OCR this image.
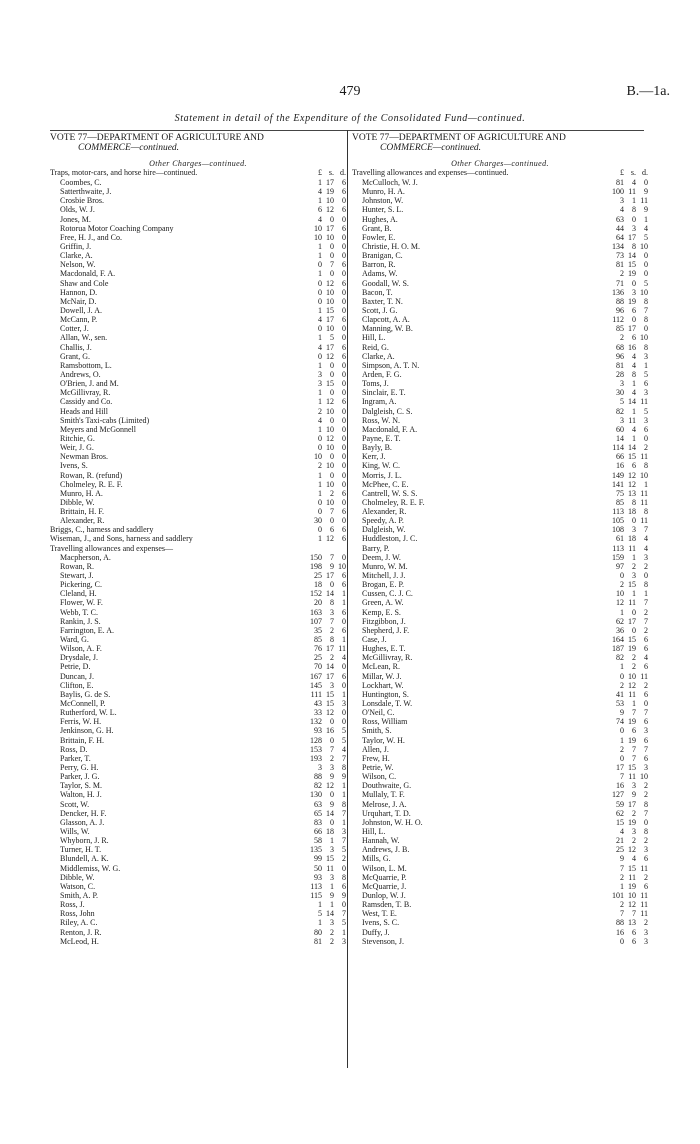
479	B.—1a.
Statement in detail of the Expenditure of the Consolidated Fund—continued.
VOTE 77—DEPARTMENT OF AGRICULTURE AND
COMMERCE—continued.
Other Charges—continued.
Traps, motor-cars, and horse hire—continued.	£ s. d.
Coombes, C.	1 17	6
Satterthwaite, J.	4 19	6
Crosbie Bros.	1 10	0
Olds, W. J.	6 12	6
Jones, M.	4	0	0
Rotorua Motor Coaching Company	10 17	6
Free, H. J., and Co.	10 10	0
Griffin, J.	1	0	0
Clarke, A.	1	0	0
Nelson, W.	0	7	6
Macdonald, F. A.	1	0	0
Shaw and Cole	0 12	6
Hannon, D.	0 10	0
McNair, D.	0 10	0
Dowell, J. A.	1 15	0
McCann, P.	4 17	6
Cotter, J.	0 10	0
Allan, W., sen.	1	5	0
Challis, J.	4 17	6
Grant, G.	0 12	6
Ramsbottom, L.	1	0	0
Andrews, O.	3	0	0
O'Brien, J. and M.	3 15	0
McGillivray, R.	1	0	0
Cassidy and Co.	1 12	6
Heads and Hill	2 10	0
Smith's Taxi-cabs (Limited)	4	0	0
Meyers and McGonnell	1 10	0
Ritchie, G.	0 12	0
Weir, J. G.	0 10	0
Newman Bros.	10	0	0
Ivens, S.	2 10	0
Rowan, R. (refund)	1	0	0
Cholmeley, R. E. F.	1 10	0
Munro, H. A.	1	2	6
Dibble, W.	0 10	0
Brittain, H. F.	0	7	6
Alexander, R.	30	0	0
Briggs, C., harness and saddlery	0	6	6
Wiseman, J., and Sons, harness and saddlery	1 12	6
Travelling allowances and expenses—
Macpherson, A.	150	7	0
Rowan, R.	198	9 10
Stewart, J.	25 17	6
Pickering, C.	18	0	6
Cleland, H.	152 14	1
Flower, W. F.	20	8	1
Webb, T. C.	163	3	6
Rankin, J. S.	107	7	0
Farrington, E. A.	35	2	6
Ward, G.	85	8	1
Wilson, A. F.	76 17 11
Drysdale, J.	25	2	4
Petrie, D.	70 14	0
Duncan, J.	167 17	6
Clifton, E.	145	3	0
Baylis, G. de S.	111 15	1
McConnell, P.	43 15	3
Rutherford, W. L.	33 12	0
Ferris, W. H.	132	0	0
Jenkinson, G. H.	93 16	5
Brittain, F. H.	128	0	5
Ross, D.	153	7	4
Parker, T.	193	2	7
Perry, G. H.	3	3	8
Parker, J. G.	88	9	9
Taylor, S. M.	82 12	1
Walton, H. J.	130	0	1
Scott, W.	63	9	8
Dencker, H. F.	65 14	7
Glasson, A. J.	83	0	1
Wills, W.	66 18	3
Whyborn, J. R.	58	1	7
Turner, H. T.	135	3	5
Blundell, A. K.	99 15	2
Middlemiss, W. G.	50 11	0
Dibble, W.	93	3	8
Watson, C.	113	1	6
Smith, A. P.	115	9	9
Ross, J.	1	1	0
Ross, John	5 14	7
Riley, A. C.	1	3	5
Renton, J. R.	80	2	1
McLeod, H.	81	2	3
VOTE 77—DEPARTMENT OF AGRICULTURE AND
COMMERCE—continued.
Other Charges—continued.
Travelling allowances and expenses—continued.	£ s. d.
McCulloch, W. J.	81	4	0
Munro, H. A.	100 11	9
Johnston, W.	3	1 11
Hunter, S. L.	4	8	9
Hughes, A.	63	0	1
Grant, B.	44	3	4
Fowler, E.	64 17	5
Christie, H. O. M.	134	8 10
Branigan, C.	73 14	0
Barron, R.	81 15	0
Adams, W.	2 19	0
Goodall, W. S.	71	0	5
Bacon, T.	136	3 10
Baxter, T. N.	88 19	8
Scott, J. G.	96	6	7
Clapcott, A. A.	112	0	8
Manning, W. B.	85 17	0
Hill, L.	2	6 10
Reid, G.	68 16	8
Clarke, A.	96	4	3
Simpson, A. T. N.	81	4	1
Arden, F. G.	28	8	5
Toms, J.	3	1	6
Sinclair, E. T.	30	4	3
Ingram, A.	5 14 11
Dalgleish, C. S.	82	1	5
Ross, W. N.	3 11	3
Macdonald, F. A.	60	4	6
Payne, E. T.	14	1	0
Bayly, B.	114 14	2
Kerr, J.	66 15 11
King, W. C.	16	6	8
Morris, J. L.	149 12 10
McPhee, C. E.	141 12	1
Cantrell, W. S. S.	75 13 11
Cholmeley, R. E. F.	85	8 11
Alexander, R.	113 18	8
Speedy, A. P.	105	0 11
Dalgleish, W.	108	3	7
Huddleston, J. C.	61 18	4
Barry, P.	113 11	4
Deem, J. W.	159	1	3
Munro, W. M.	97	2	2
Mitchell, J. J.	0	3	0
Brogan, E. P.	2 15	8
Cussen, C. J. C.	10	1	1
Green, A. W.	12 11	7
Kemp, E. S.	1	0	2
Fitzgibbon, J.	62 17	7
Shepherd, J. F.	36	0	2
Case, J.	164 15	6
Hughes, E. T.	187 19	6
McGillivray, R.	82	2	4
McLean, R.	1	2	6
Millar, W. J.	0 10 11
Lockhart, W.	2 12	2
Huntington, S.	41 11	6
Lonsdale, T. W.	53	1	0
O'Neil, C.	9	7	7
Ross, William	74 19	6
Smith, S.	0	6	3
Taylor, W. H.	1 19	6
Allen, J.	2	7	7
Frew, H.	0	7	6
Petrie, W.	17 15	3
Wilson, C.	7 11 10
Douthwaite, G.	16	3	2
Mullaly, T. F.	127	9	2
Melrose, J. A.	59 17	8
Urquhart, T. D.	62	2	7
Johnston, W. H. O.	15 19	0
Hill, L.	4	3	8
Hannah, W.	21	2	2
Andrews, J. B.	25 12	3
Mills, G.	9	4	6
Wilson, L. M.	7 15 11
McQuarrie, P.	2 11	2
McQuarrie, J.	1 19	6
Dunlop, W. J.	101 10 11
Ramsden, T. B.	2 12 11
West, T. E.	7	7 11
Ivens, S. C.	88 13	2
Duffy, J.	16	6	3
Stevenson, J.	0	6	3
